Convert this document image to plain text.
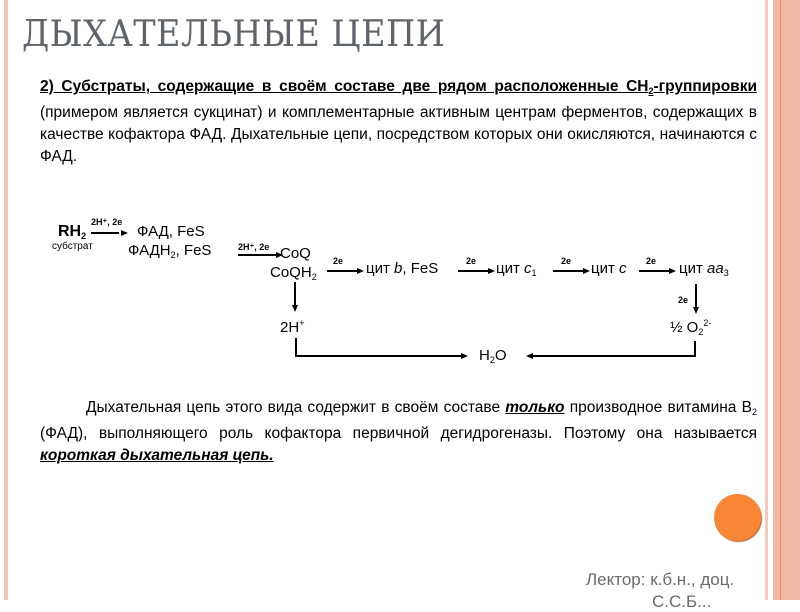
ДЫХАТЕЛЬНЫЕ ЦЕПИ
2) Субстраты, содержащие в своём составе две рядом расположенные $СН_2$-группировки (примером является сукцинат) и комплементарные активным центрам ферментов, содержащих в качестве кофактора ФАД. Дыхательные цепи, посредством которых они окисляются, начинаются с ФАД.
$RH_2$
субстрат
2H⁺, 2e
ФАД, FeS
$ФАДН_2$, FeS	2H⁺, 2e CoQ
CoQH$_2$
2e цит b, FeS	2e цит $c_1$
2e цит c 2e цит $aa_3$
2e
½ $O_2^{2-}$
2H+
$H_2O$
Дыхательная цепь этого вида содержит в своём составе только производное витамина $B_2$ (ФАД), выполняющего роль кофактора первичной дегидрогеназы. Поэтому она называется короткая дыхательная цепь.
Лектор: к.б.н., доц.
С.С.Б...
